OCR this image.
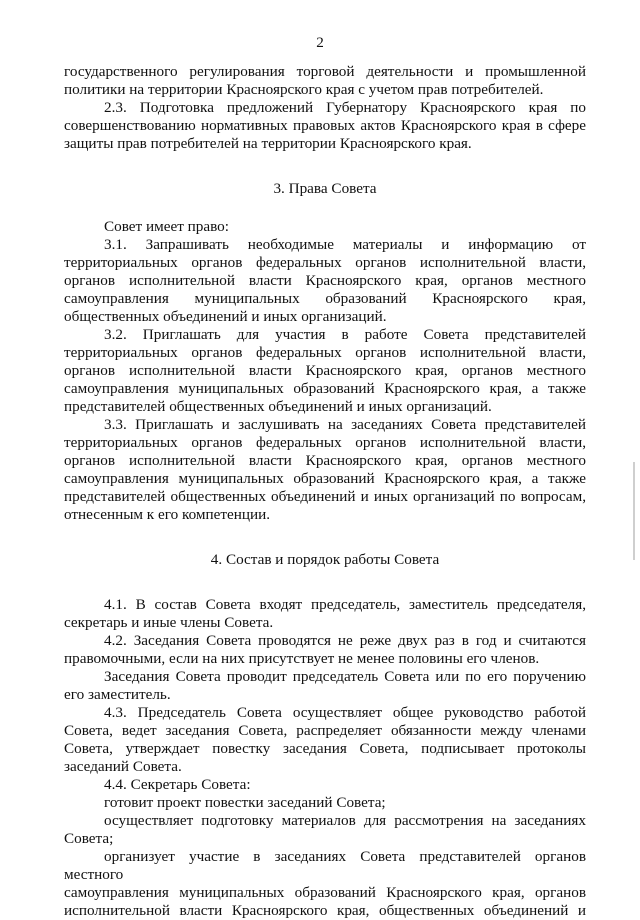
2

государственного регулирования торговой деятельности и промышленной

политики на территории Красноярского края с учетом прав потребителей.

2.3. Подготовка предложений Губернатору Красноярского края по

совершенствованию нормативных правовых актов Красноярского края в сфере

защиты прав потребителей на территории Красноярского края.

3. Права Совета

Совет имеет право:

3.1. Запрашивать необходимые материалы и информацию от

территориальных органов федеральных органов исполнительной власти,

органов исполнительной власти Красноярского края, органов местного

самоуправления муниципальных образований Красноярского края,

общественных объединений и иных организаций.

3.2. Приглашать для участия в работе Совета представителей

территориальных органов федеральных органов исполнительной власти,

органов исполнительной власти Красноярского края, органов местного

самоуправления муниципальных образований Красноярского края, а также

представителей общественных объединений и иных организаций.

3.3. Приглашать и заслушивать на заседаниях Совета представителей

территориальных органов федеральных органов исполнительной власти,

органов исполнительной власти Красноярского края, органов местного

самоуправления муниципальных образований Красноярского края, а также

представителей общественных объединений и иных организаций по вопросам,

отнесенным к его компетенции.

4. Состав и порядок работы Совета

4.1. В состав Совета входят председатель, заместитель председателя,

секретарь и иные члены Совета.

4.2. Заседания Совета проводятся не реже двух раз в год и считаются

правомочными, если на них присутствует не менее половины его членов.

Заседания Совета проводит председатель Совета или по его поручению

его заместитель.

4.3. Председатель Совета осуществляет общее руководство работой

Совета, ведет заседания Совета, распределяет обязанности между членами

Совета, утверждает повестку заседания Совета, подписывает протоколы

заседаний Совета.

4.4. Секретарь Совета:

готовит проект повестки заседаний Совета;

осуществляет подготовку материалов для рассмотрения на заседаниях

Совета;

организует участие в заседаниях Совета представителей органов местного

самоуправления муниципальных образований Красноярского края, органов

исполнительной власти Красноярского края, общественных объединений и
